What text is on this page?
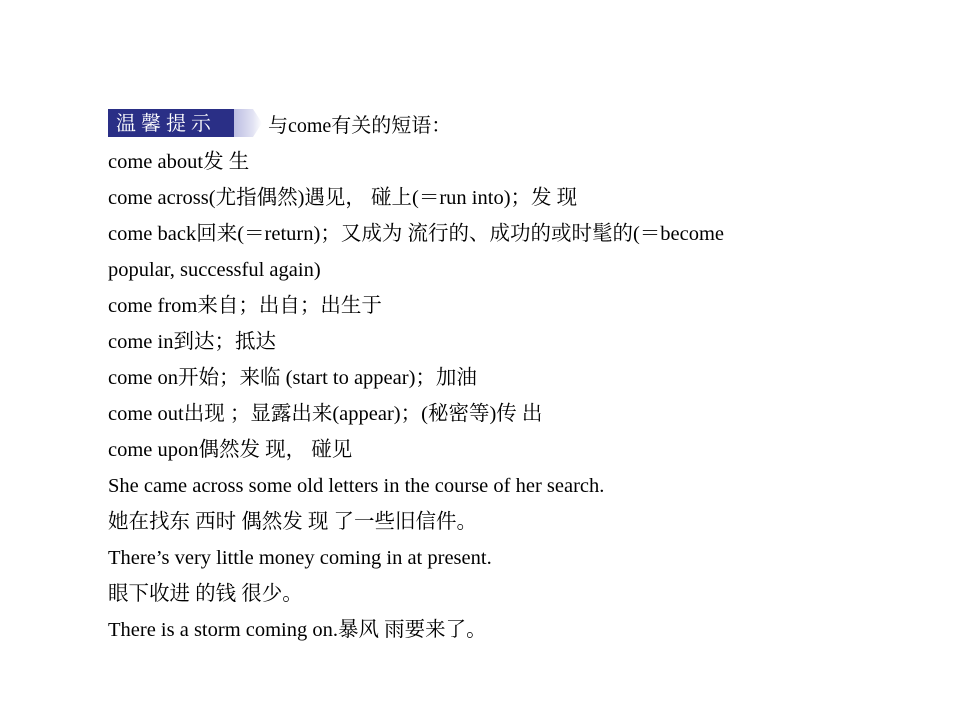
温馨提示	与come有关的短语：
come about发 生
come across(尤指偶然)遇见， 碰上(＝run into)；发 现
come back回来(＝return)；又成为 流行的、成功的或时髦的(＝become
popular, successful again)
come from来自；出自；出生于
come in到达；抵达
come on开始；来临 (start to appear)；加油
come out出现 ；显露出来(appear)；(秘密等)传 出
come upon偶然发 现， 碰见
She came across some old letters in the course of her search.
她在找东 西时 偶然发 现 了一些旧信件。
There’s very little money coming in at present.
眼下收进 的钱 很少。
There is a storm coming on.暴风 雨要来了。
